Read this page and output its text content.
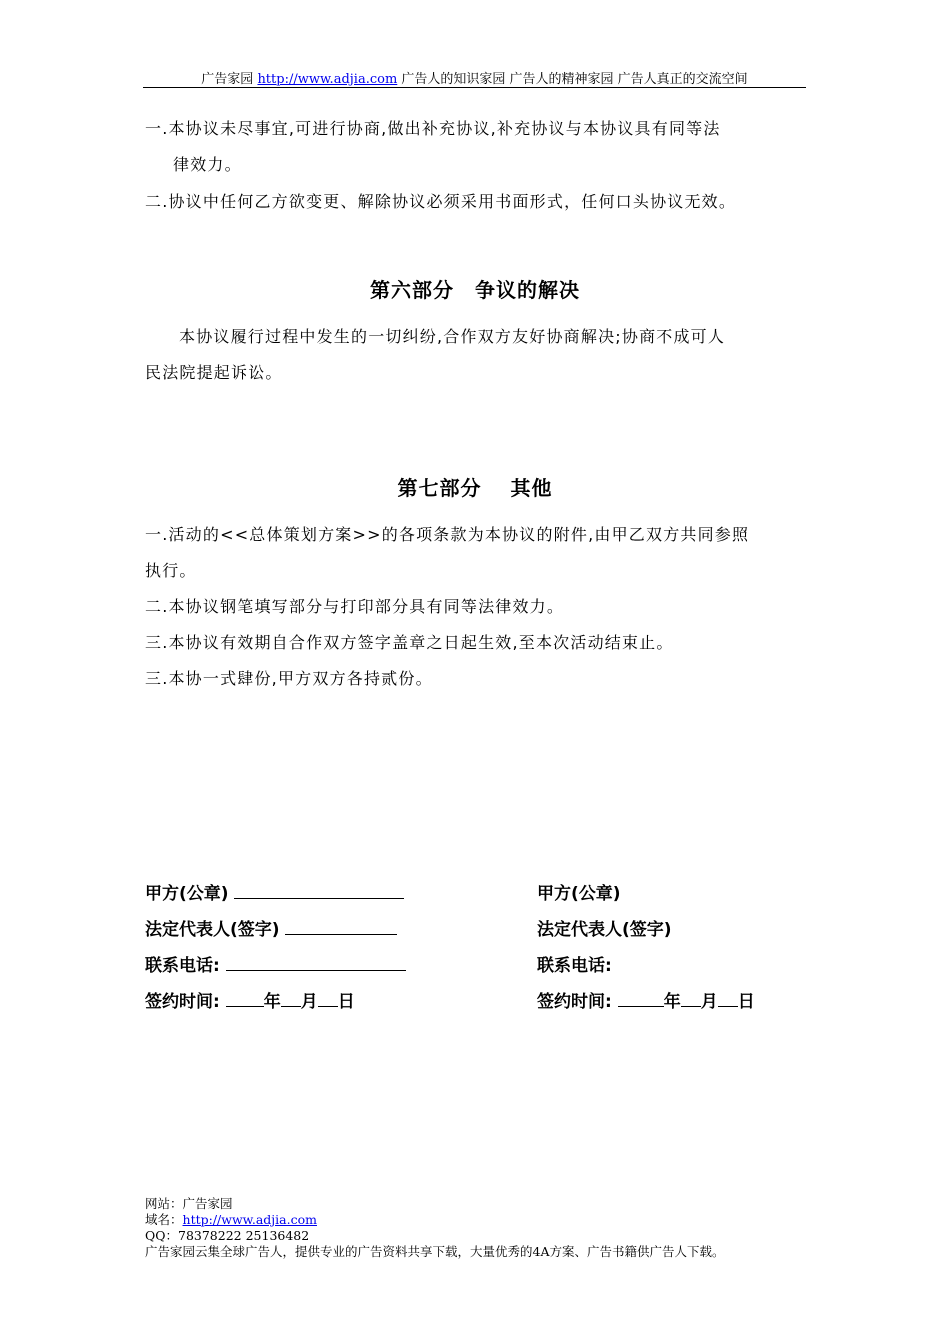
广告家园 http://www.adjia.com 广告人的知识家园 广告人的精神家园 广告人真正的交流空间
一.本协议未尽事宜,可进行协商,做出补充协议,补充协议与本协议具有同等法
律效力。
二.协议中任何乙方欲变更、解除协议必须采用书面形式，任何口头协议无效。
第六部分　争议的解决
本协议履行过程中发生的一切纠纷,合作双方友好协商解决;协商不成可人
民法院提起诉讼。
第七部分　 其他
一.活动的<<总体策划方案>>的各项条款为本协议的附件,由甲乙双方共同参照
执行。
二.本协议钢笔填写部分与打印部分具有同等法律效力。
三.本协议有效期自合作双方签字盖章之日起生效,至本次活动结束止。
三.本协一式肆份,甲方双方各持贰份。
甲方(公章)
法定代表人(签字)
联系电话:
签约时间:	年 月 日
甲方(公章)
法定代表人(签字)
联系电话:
签约时间:	年 月 日
网站：广告家园
域名：http://www.adjia.com
QQ：78378222 25136482
广告家园云集全球广告人，提供专业的广告资料共享下载，大量优秀的4A方案、广告书籍供广告人下载。
